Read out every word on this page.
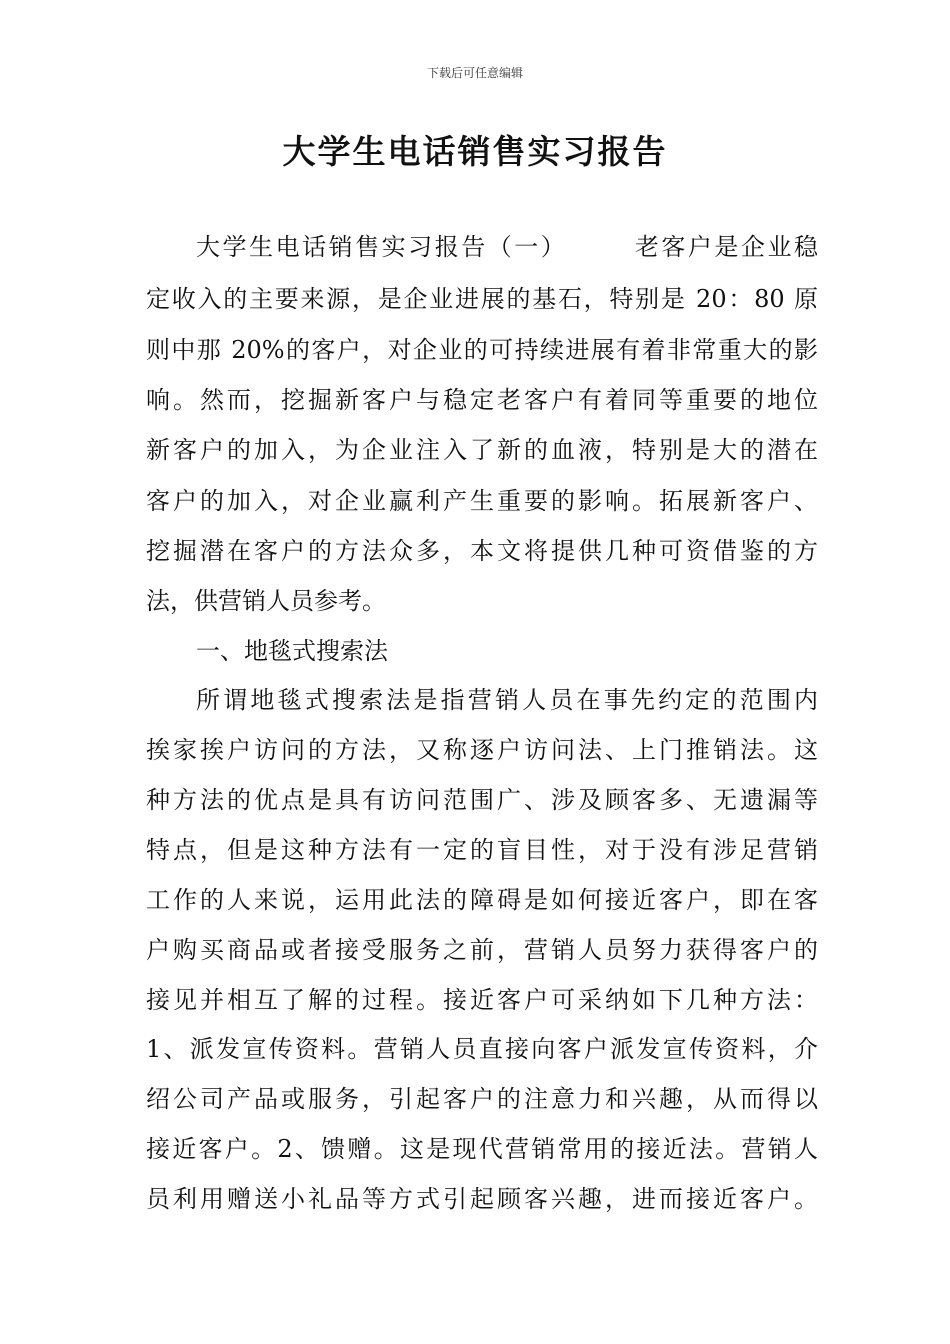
下载后可任意编辑
大学生电话销售实习报告
大学生电话销售实习报告（一）　　　老客户是企业稳
定收入的主要来源，是企业进展的基石，特别是 20：80 原
则中那 20%的客户，对企业的可持续进展有着非常重大的影
响。然而，挖掘新客户与稳定老客户有着同等重要的地位
新客户的加入，为企业注入了新的血液，特别是大的潜在
客户的加入，对企业赢利产生重要的影响。拓展新客户、
挖掘潜在客户的方法众多，本文将提供几种可资借鉴的方
法，供营销人员参考。
一、地毯式搜索法
所谓地毯式搜索法是指营销人员在事先约定的范围内
挨家挨户访问的方法，又称逐户访问法、上门推销法。这
种方法的优点是具有访问范围广、涉及顾客多、无遗漏等
特点，但是这种方法有一定的盲目性，对于没有涉足营销
工作的人来说，运用此法的障碍是如何接近客户，即在客
户购买商品或者接受服务之前，营销人员努力获得客户的
接见并相互了解的过程。接近客户可采纳如下几种方法：
1、派发宣传资料。营销人员直接向客户派发宣传资料，介
绍公司产品或服务，引起客户的注意力和兴趣，从而得以
接近客户。2、馈赠。这是现代营销常用的接近法。营销人
员利用赠送小礼品等方式引起顾客兴趣，进而接近客户。
